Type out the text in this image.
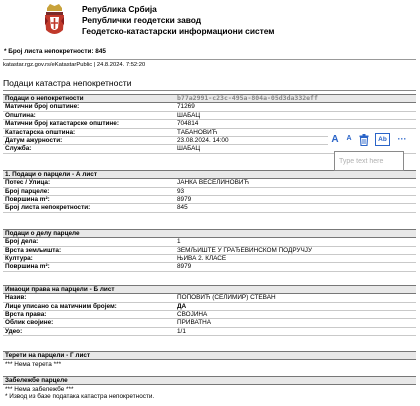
Република Србија
Републички геодетски завод
Геодетско-катастарски информациони систем
* Број листа непокретности: 845
katastar.rgz.gov.rs/eKatastarPublic | 24.8.2024. 7:52:20
Подаци катастра непокретности
Подаци о непокретности	b77a2991-c23c-495a-804a-05d3da332eff
Матични број општине:	71269
Општина:	ШАБАЦ
Матични број катастарске општине:	704814
Катастарска општина:	ТАБАНОВИЋ
Датум ажурности:	23.08.2024. 14:00
Служба:	ШАБАЦ
1. Подаци о парцели - А лист	
Потес / Улица:	ЈАНКА ВЕСЕЛИНОВИЋ
Број парцеле:	93
Површина m²:	8979
Број листа непокретности:	845
Подаци о делу парцеле	
Број дела:	1
Врста земљишта:	ЗЕМЉИШТЕ У ГРАЂЕВИНСКОМ ПОДРУЧЈУ
Култура:	ЊИВА 2. КЛАСЕ
Површина m²:	8979
Имаоци права на парцели - Б лист	
Назив:	ПОПОВИЋ (СЕЛИМИР) СТЕВАН
Лице уписано са матичним бројем:	ДА
Врста права:	СВОЈИНА
Облик својине:	ПРИВАТНА
Удео:	1/1
Терети на парцели - Г лист
*** Нема терета ***
Забележбе парцеле
*** Нема забележбе ***
* Извод из базе података катастра непокретности.
A	A	Ab	···
Type text here
